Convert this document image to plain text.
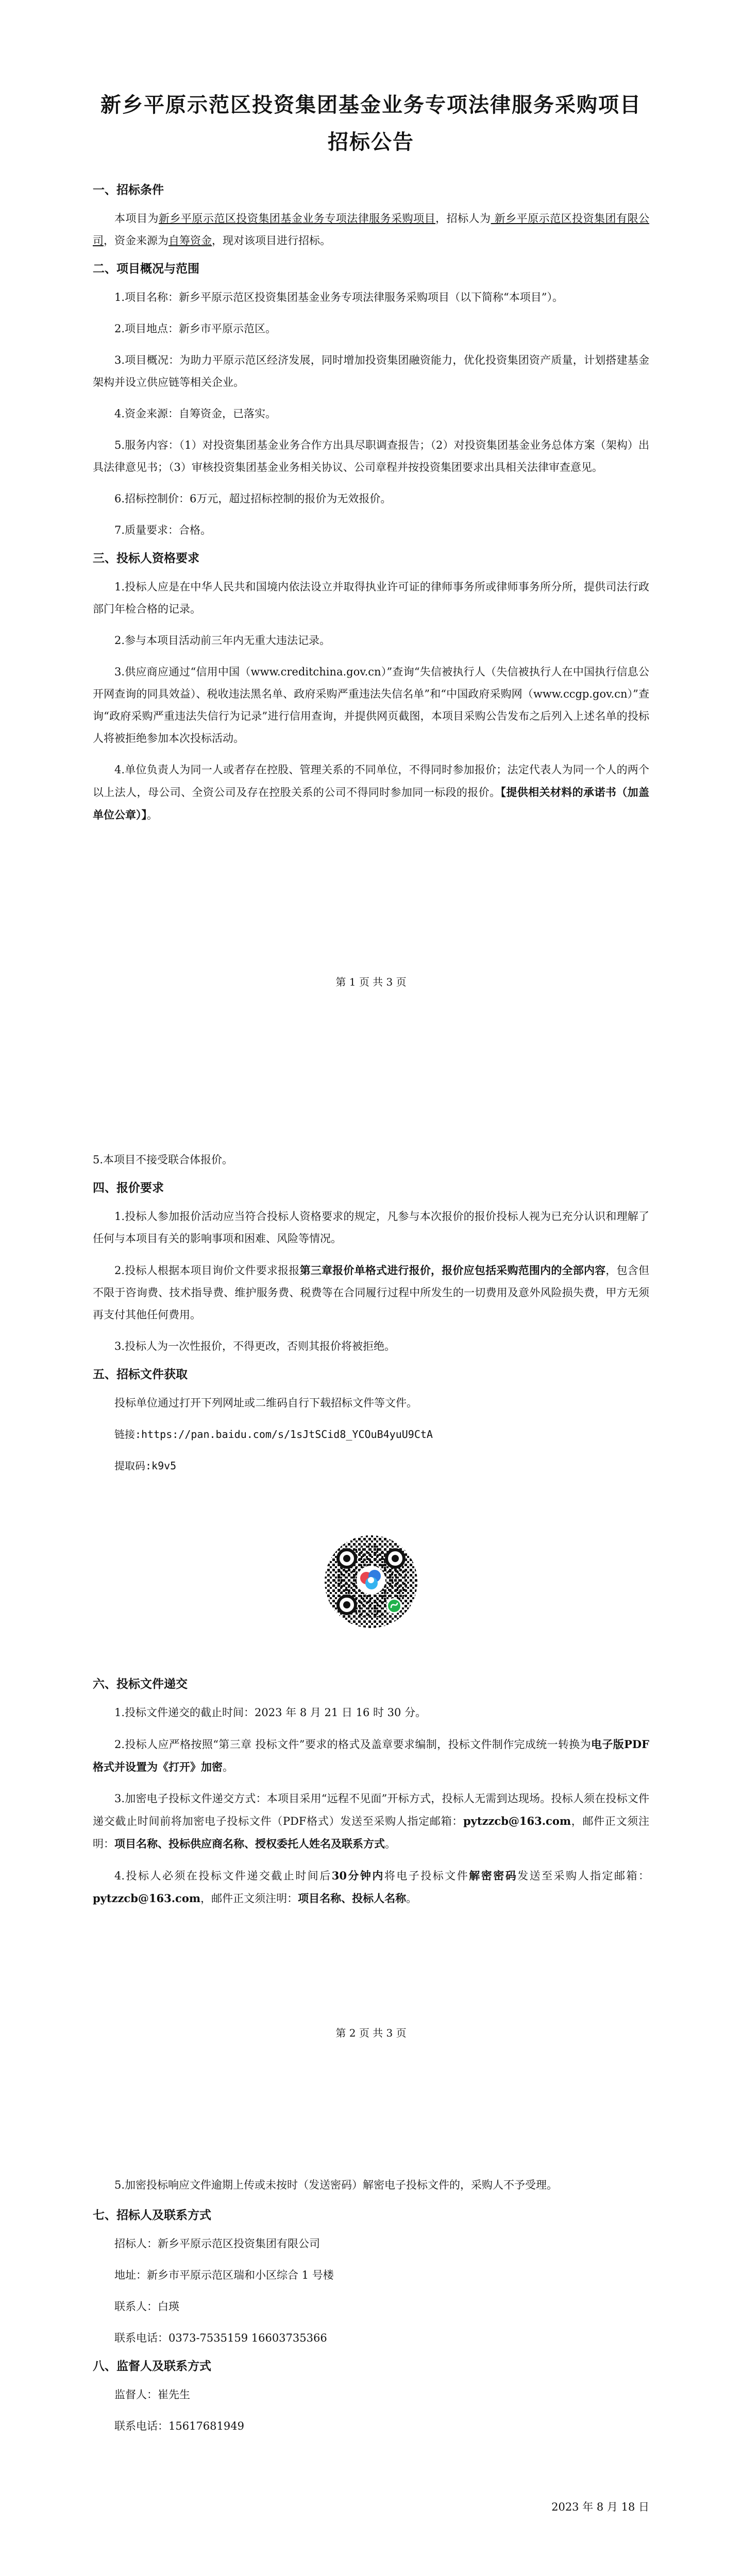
新乡平原示范区投资集团基金业务专项法律服务采购项目
招标公告

一、招标条件

本项目为新乡平原示范区投资集团基金业务专项法律服务采购项目，招标人为 新乡平原示范区投资集团有限公司，资金来源为自筹资金，现对该项目进行招标。

二、项目概况与范围

1.项目名称：新乡平原示范区投资集团基金业务专项法律服务采购项目（以下简称“本项目”）。

2.项目地点：新乡市平原示范区。

3.项目概况：为助力平原示范区经济发展，同时增加投资集团融资能力，优化投资集团资产质量，计划搭建基金架构并设立供应链等相关企业。

4.资金来源：自筹资金，已落实。

5.服务内容：（1）对投资集团基金业务合作方出具尽职调查报告；（2）对投资集团基金业务总体方案（架构）出具法律意见书；（3）审核投资集团基金业务相关协议、公司章程并按投资集团要求出具相关法律审查意见。

6.招标控制价：6万元，超过招标控制的报价为无效报价。

7.质量要求：合格。

三、投标人资格要求

1.投标人应是在中华人民共和国境内依法设立并取得执业许可证的律师事务所或律师事务所分所，提供司法行政部门年检合格的记录。

2.参与本项目活动前三年内无重大违法记录。

3.供应商应通过“信用中国（www.creditchina.gov.cn）”查询“失信被执行人（失信被执行人在中国执行信息公开网查询的同具效益）、税收违法黑名单、政府采购严重违法失信名单”和“中国政府采购网（www.ccgp.gov.cn）”查询“政府采购严重违法失信行为记录”进行信用查询，并提供网页截图，本项目采购公告发布之后列入上述名单的投标人将被拒绝参加本次投标活动。

4.单位负责人为同一人或者存在控股、管理关系的不同单位，不得同时参加报价；法定代表人为同一个人的两个以上法人，母公司、全资公司及存在控股关系的公司不得同时参加同一标段的报价。【提供相关材料的承诺书（加盖单位公章）】。

第 1 页 共 3 页

5.本项目不接受联合体报价。

四、报价要求

1.投标人参加报价活动应当符合投标人资格要求的规定，凡参与本次报价的报价投标人视为已充分认识和理解了任何与本项目有关的影响事项和困难、风险等情况。

2.投标人根据本项目询价文件要求报报第三章报价单格式进行报价，报价应包括采购范围内的全部内容，包含但不限于咨询费、技术指导费、维护服务费、税费等在合同履行过程中所发生的一切费用及意外风险损失费，甲方无须再支付其他任何费用。

3.投标人为一次性报价，不得更改，否则其报价将被拒绝。

五、招标文件获取

投标单位通过打开下列网址或二维码自行下载招标文件等文件。

链接:https://pan.baidu.com/s/1sJtSCid8_YCOuB4yuU9CtA

提取码:k9v5

六、投标文件递交

1.投标文件递交的截止时间：2023 年 8 月 21 日 16 时 30 分。

2.投标人应严格按照“第三章 投标文件”要求的格式及盖章要求编制，投标文件制作完成统一转换为电子版PDF格式并设置为《打开》加密。

3.加密电子投标文件递交方式：本项目采用“远程不见面”开标方式，投标人无需到达现场。投标人须在投标文件递交截止时间前将加密电子投标文件（PDF格式）发送至采购人指定邮箱：pytzzcb@163.com，邮件正文须注明：项目名称、投标供应商名称、授权委托人姓名及联系方式。

4.投标人必须在投标文件递交截止时间后30分钟内将电子投标文件解密密码发送至采购人指定邮箱：pytzzcb@163.com，邮件正文须注明：项目名称、投标人名称。

第 2 页 共 3 页

5.加密投标响应文件逾期上传或未按时（发送密码）解密电子投标文件的，采购人不予受理。

七、招标人及联系方式

招标人：新乡平原示范区投资集团有限公司

地址：新乡市平原示范区瑞和小区综合 1 号楼

联系人：白瑛

联系电话：0373-7535159 16603735366

八、监督人及联系方式

监督人：崔先生

联系电话：15617681949

2023 年 8 月 18 日
